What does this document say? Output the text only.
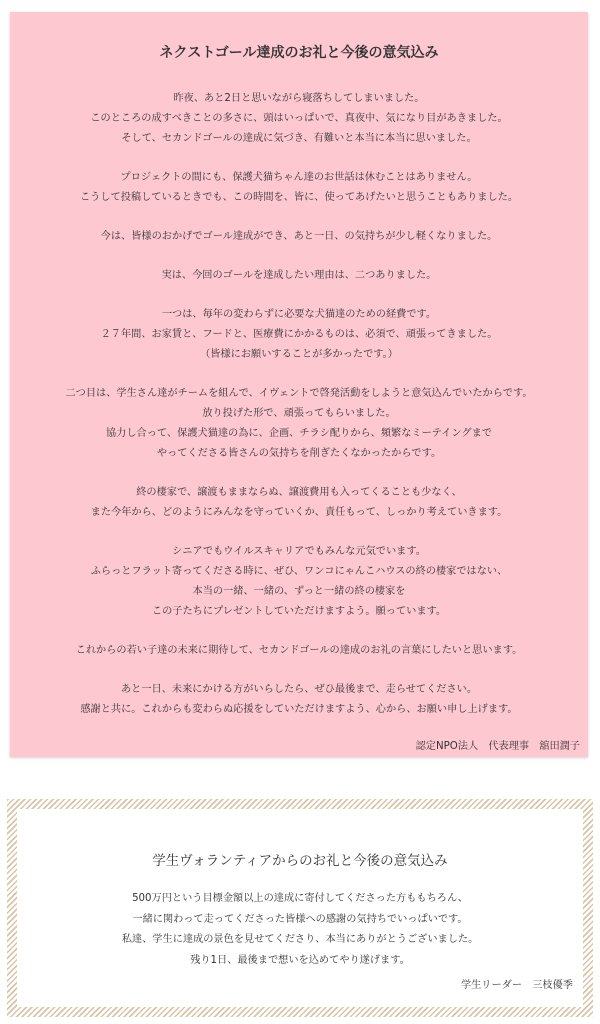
ネクストゴール達成のお礼と今後の意気込み
昨夜、あと2日と思いながら寝落ちしてしまいました。
このところの成すべきことの多さに、頭はいっぱいで、真夜中、気になり目があきました。
そして、セカンドゴールの達成に気づき、有難いと本当に本当に思いました。
プロジェクトの間にも、保護犬猫ちゃん達のお世話は休むことはありません。
こうして投稿しているときでも、この時間を、皆に、使ってあげたいと思うこともありました。
今は、皆様のおかげでゴール達成ができ、あと一日、の気持ちが少し軽くなりました。
実は、今回のゴールを達成したい理由は、二つありました。
一つは、毎年の変わらずに必要な犬猫達のための経費です。
２７年間、お家賃と、フードと、医療費にかかるものは、必須で、頑張ってきました。
（皆様にお願いすることが多かったです。）
二つ目は、学生さん達がチームを組んで、イヴェントで啓発活動をしようと意気込んでいたからです。
放り投げた形で、頑張ってもらいました。
協力し合って、保護犬猫達の為に、企画、チラシ配りから、頻繁なミーテイングまで
やってくださる皆さんの気持ちを削ぎたくなかったからです。
終の棲家で、譲渡もままならぬ、譲渡費用も入ってくることも少なく、
また今年から、どのようにみんなを守っていくか、責任もって、しっかり考えていきます。
シニアでもウイルスキャリアでもみんな元気でいます。
ふらっとフラット寄ってくださる時に、ぜひ、ワンコにゃんこハウスの終の棲家ではない、
本当の一緒、一緒の、ずっと一緒の終の棲家を
この子たちにプレゼントしていただけますよう。願っています。
これからの若い子達の未来に期待して、セカンドゴールの達成のお礼の言葉にしたいと思います。
あと一日、未来にかける方がいらしたら、ぜひ最後まで、走らせてください。
感謝と共に。これからも変わらぬ応援をしていただけますよう、心から、お願い申し上げます。
認定NPO法人　代表理事　舘田潤子
学生ヴォランティアからのお礼と今後の意気込み
500万円という目標金額以上の達成に寄付してくださった方ももちろん、
一緒に関わって走ってくださった皆様への感謝の気持ちでいっぱいです。
私達、学生に達成の景色を見せてくださり、本当にありがとうございました。
残り1日、最後まで想いを込めてやり遂げます。
学生リーダー　三枝優季
